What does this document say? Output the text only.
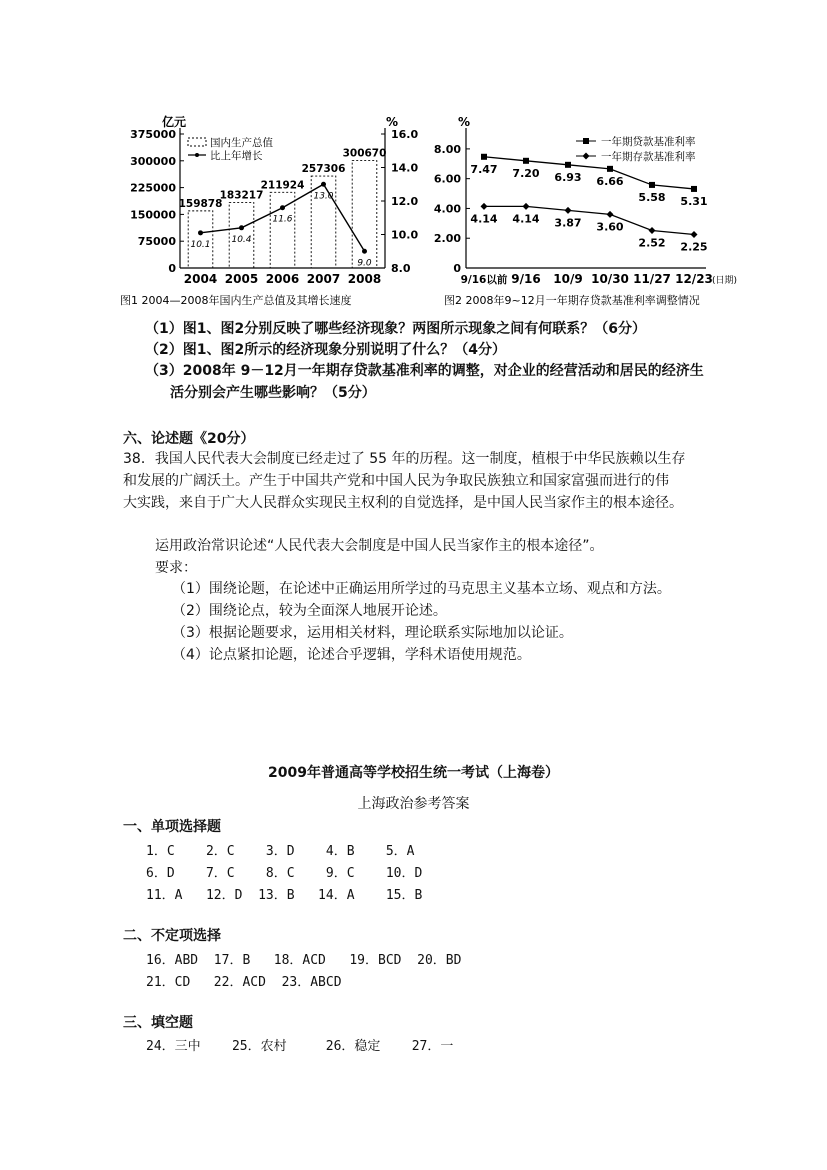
亿元	%
375000
300000
225000
150000
75000
0
16.0
14.0
12.0
10.0
8.0
159878
183217
211924
257306
300670
10.1
10.4
11.6
13.0
9.0
2004 2005 2006 2007 2008
国内生产总值
比上年增长
图1 2004—2008年国内生产总值及其增长速度
%
8.00
6.00
4.00
2.00
0
7.47 7.20 6.93 6.66
5.58 5.31
4.14 4.14 3.87 3.60
2.52 2.25
9/16以前 9/16 10/9 10/30 11/27 12/23 (日期)
一年期贷款基准利率
一年期存款基准利率
图2 2008年9~12月一年期存贷款基准利率调整情况
（1）图1、图2分别反映了哪些经济现象？两图所示现象之间有何联系？（6分）
（2）图1、图2所示的经济现象分别说明了什么？（4分）
（3）2008年 9－12月一年期存贷款基准利率的调整，对企业的经营活动和居民的经济生
活分别会产生哪些影响？（5分）
六、论述题《20分）
38．我国人民代表大会制度已经走过了 55 年的历程。这一制度，植根于中华民族赖以生存
和发展的广阔沃土。产生于中国共产党和中国人民为争取民族独立和国家富强而进行的伟
大实践，来自于广大人民群众实现民主权利的自觉选择，是中国人民当家作主的根本途径。
运用政治常识论述“人民代表大会制度是中国人民当家作主的根本途径”。
要求：
（1）围绕论题，在论述中正确运用所学过的马克思主义基本立场、观点和方法。
（2）围绕论点，较为全面深人地展开论述。
（3）根据论题要求，运用相关材料，理论联系实际地加以论证。
（4）论点紧扣论题，论述合乎逻辑，学科术语使用规范。
2009年普通高等学校招生统一考试（上海卷）
上海政治参考答案
一、单项选择题
1．C    2．C    3．D    4．B    5．A
6．D    7．C    8．C    9．C    10．D
11．A   12．D  13．B   14．A    15．B
二、不定项选择
16．ABD  17．B   18．ACD   19．BCD  20．BD
21．CD   22．ACD  23．ABCD
三、填空题
24．三中    25．农村     26．稳定    27．一
